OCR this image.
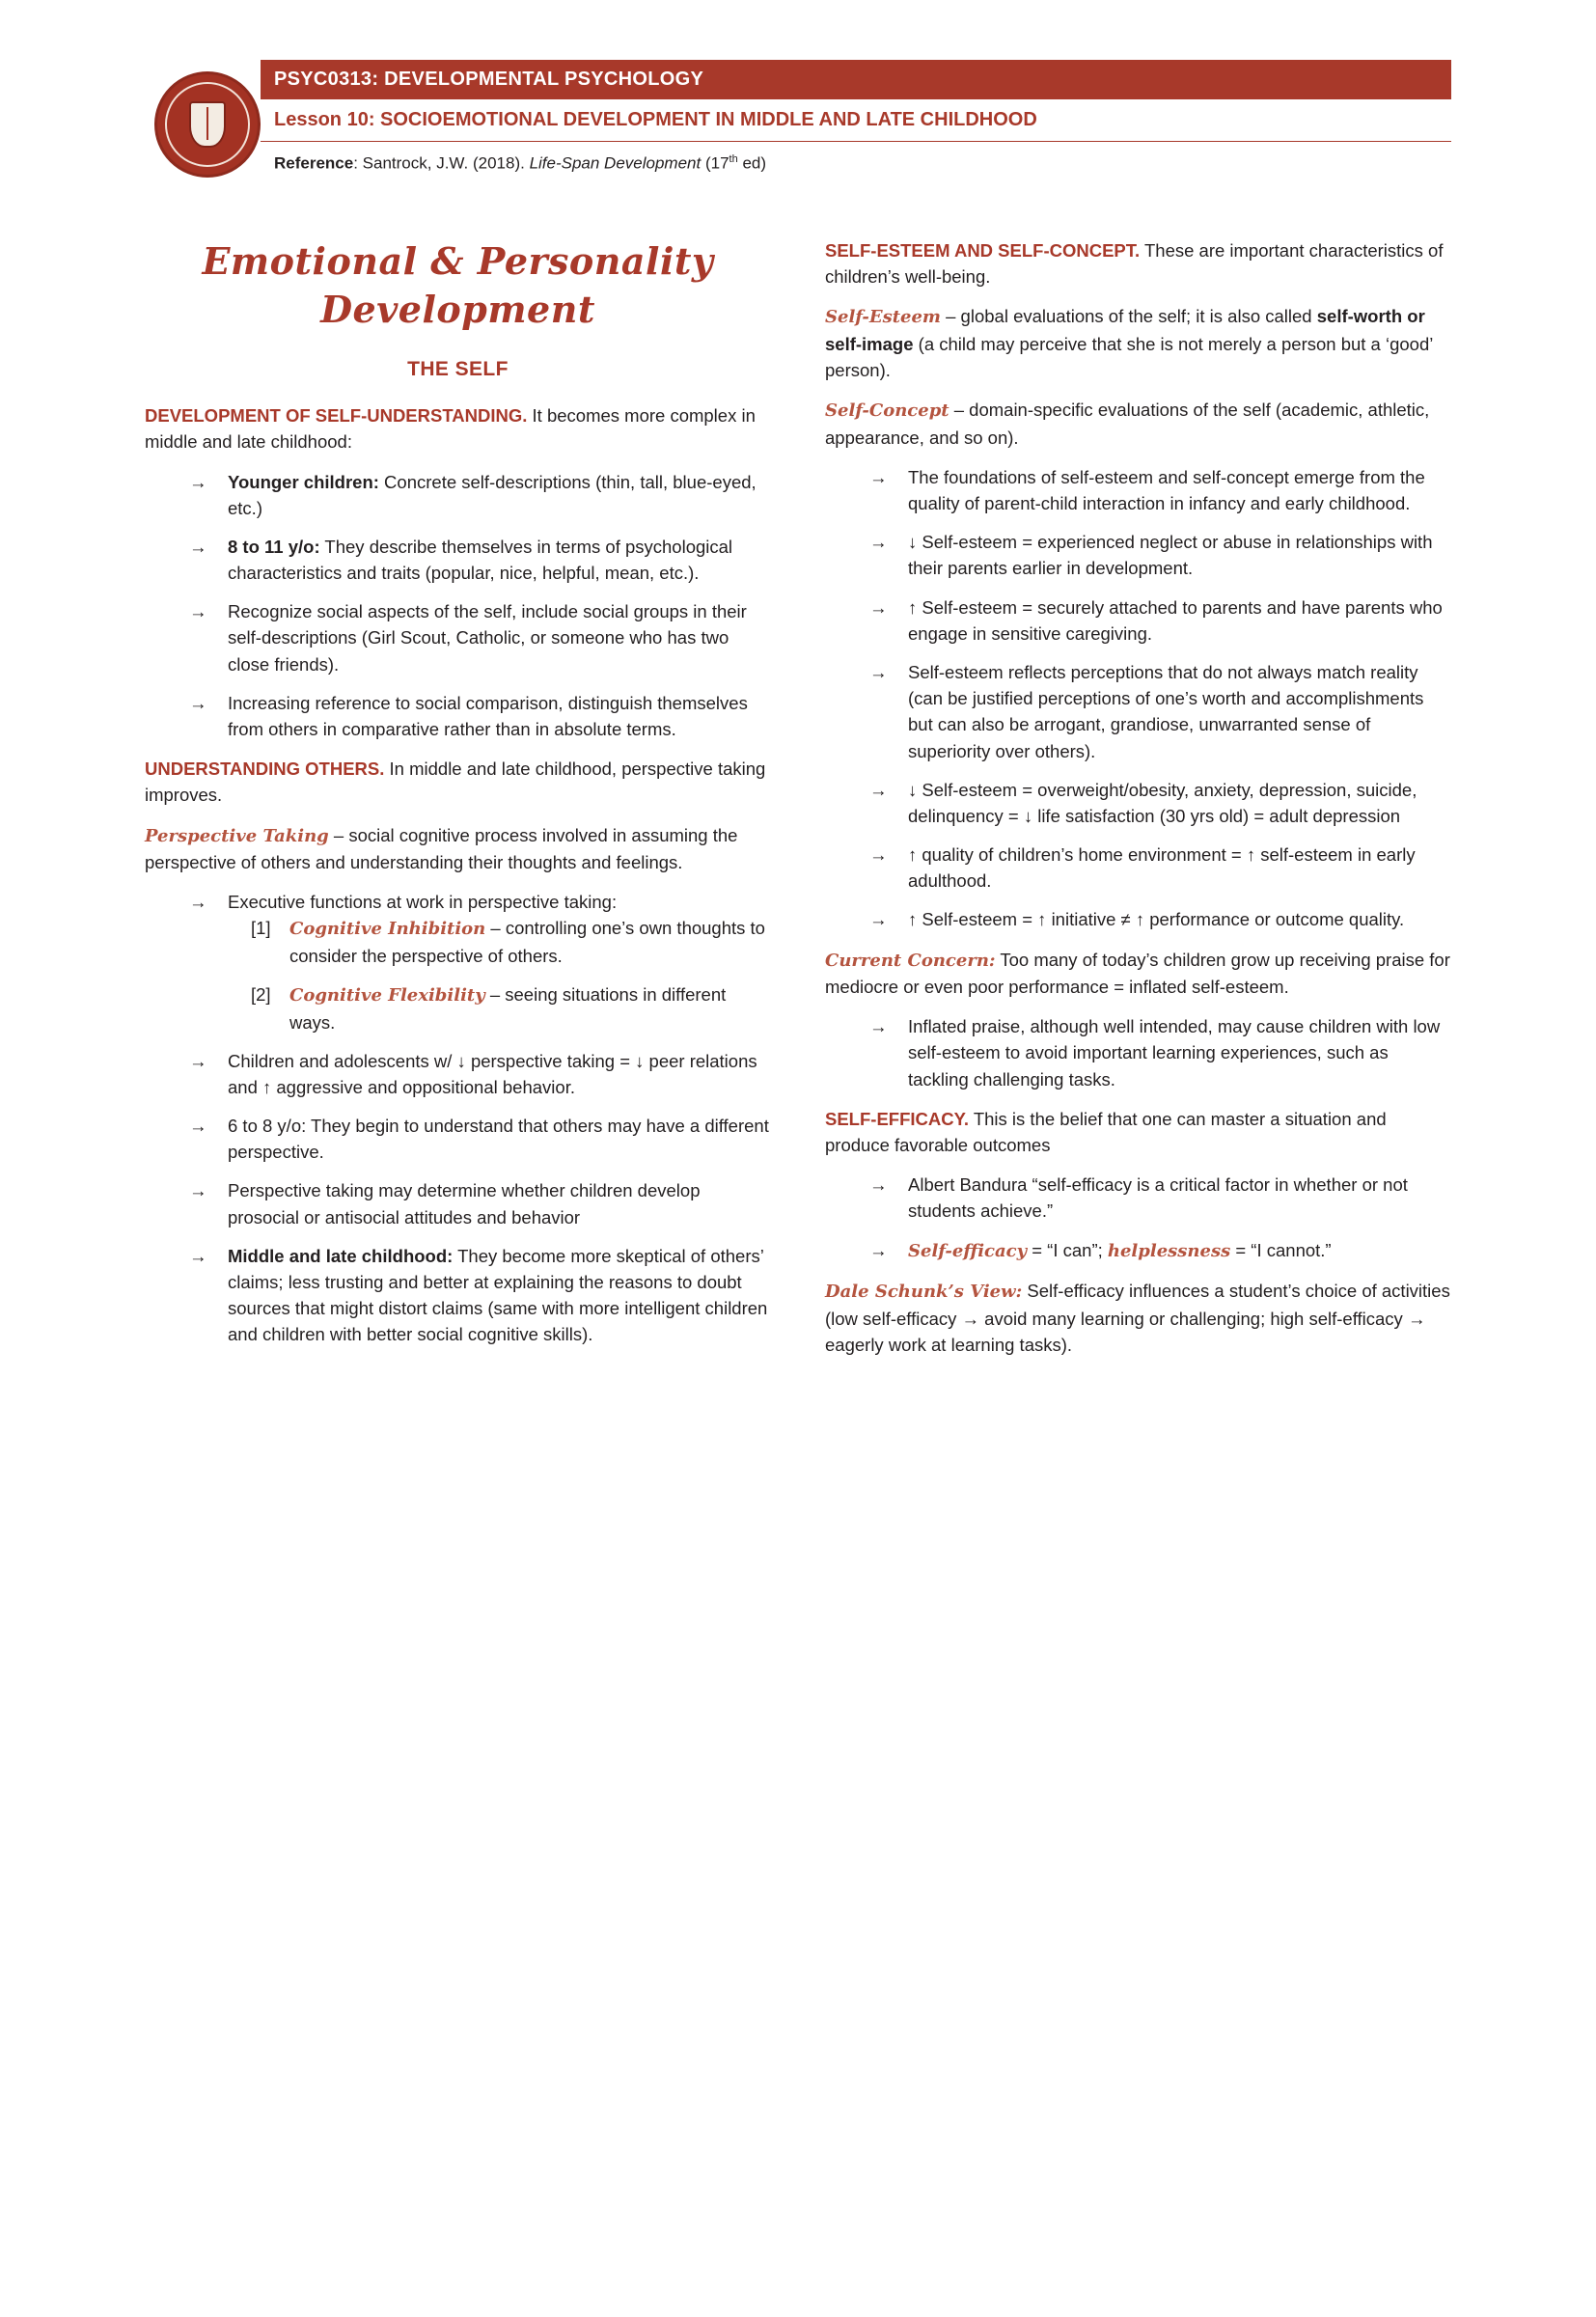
PSYC0313: DEVELOPMENTAL PSYCHOLOGY
Lesson 10: SOCIOEMOTIONAL DEVELOPMENT IN MIDDLE AND LATE CHILDHOOD
Reference: Santrock, J.W. (2018). Life-Span Development (17th ed)
Emotional & Personality
Development
THE SELF

DEVELOPMENT OF SELF-UNDERSTANDING. It becomes more complex in middle and late childhood:

→ Younger children: Concrete self-descriptions (thin, tall, blue-eyed, etc.)
→ 8 to 11 y/o: They describe themselves in terms of psychological characteristics and traits (popular, nice, helpful, mean, etc.).
→ Recognize social aspects of the self, include social groups in their self-descriptions (Girl Scout, Catholic, or someone who has two close friends).
→ Increasing reference to social comparison, distinguish themselves from others in comparative rather than in absolute terms.

UNDERSTANDING OTHERS. In middle and late childhood, perspective taking improves.

Perspective Taking – social cognitive process involved in assuming the perspective of others and understanding their thoughts and feelings.

→ Executive functions at work in perspective taking:
[1] Cognitive Inhibition – controlling one’s own thoughts to consider the perspective of others.
[2] Cognitive Flexibility – seeing situations in different ways.
→ Children and adolescents w/ ↓ perspective taking = ↓ peer relations and ↑ aggressive and oppositional behavior.
→ 6 to 8 y/o: They begin to understand that others may have a different perspective.
→ Perspective taking may determine whether children develop prosocial or antisocial attitudes and behavior
→ Middle and late childhood: They become more skeptical of others’ claims; less trusting and better at explaining the reasons to doubt sources that might distort claims (same with more intelligent children and children with better social cognitive skills).

SELF-ESTEEM AND SELF-CONCEPT. These are important characteristics of children’s well-being.

Self-Esteem – global evaluations of the self; it is also called self-worth or self-image (a child may perceive that she is not merely a person but a ‘good’ person).

Self-Concept – domain-specific evaluations of the self (academic, athletic, appearance, and so on).

→ The foundations of self-esteem and self-concept emerge from the quality of parent-child interaction in infancy and early childhood.
→ ↓ Self-esteem = experienced neglect or abuse in relationships with their parents earlier in development.
→ ↑ Self-esteem = securely attached to parents and have parents who engage in sensitive caregiving.
→ Self-esteem reflects perceptions that do not always match reality (can be justified perceptions of one’s worth and accomplishments but can also be arrogant, grandiose, unwarranted sense of superiority over others).
→ ↓ Self-esteem = overweight/obesity, anxiety, depression, suicide, delinquency = ↓ life satisfaction (30 yrs old) = adult depression
→ ↑ quality of children’s home environment = ↑ self-esteem in early adulthood.
→ ↑ Self-esteem = ↑ initiative ≠ ↑ performance or outcome quality.

Current Concern: Too many of today’s children grow up receiving praise for mediocre or even poor performance = inflated self-esteem.

→ Inflated praise, although well intended, may cause children with low self-esteem to avoid important learning experiences, such as tackling challenging tasks.

SELF-EFFICACY. This is the belief that one can master a situation and produce favorable outcomes

→ Albert Bandura “self-efficacy is a critical factor in whether or not students achieve.”
→ Self-efficacy = “I can”; helplessness = “I cannot.”

Dale Schunk’s View: Self-efficacy influences a student’s choice of activities (low self-efficacy → avoid many learning or challenging; high self-efficacy → eagerly work at learning tasks).
